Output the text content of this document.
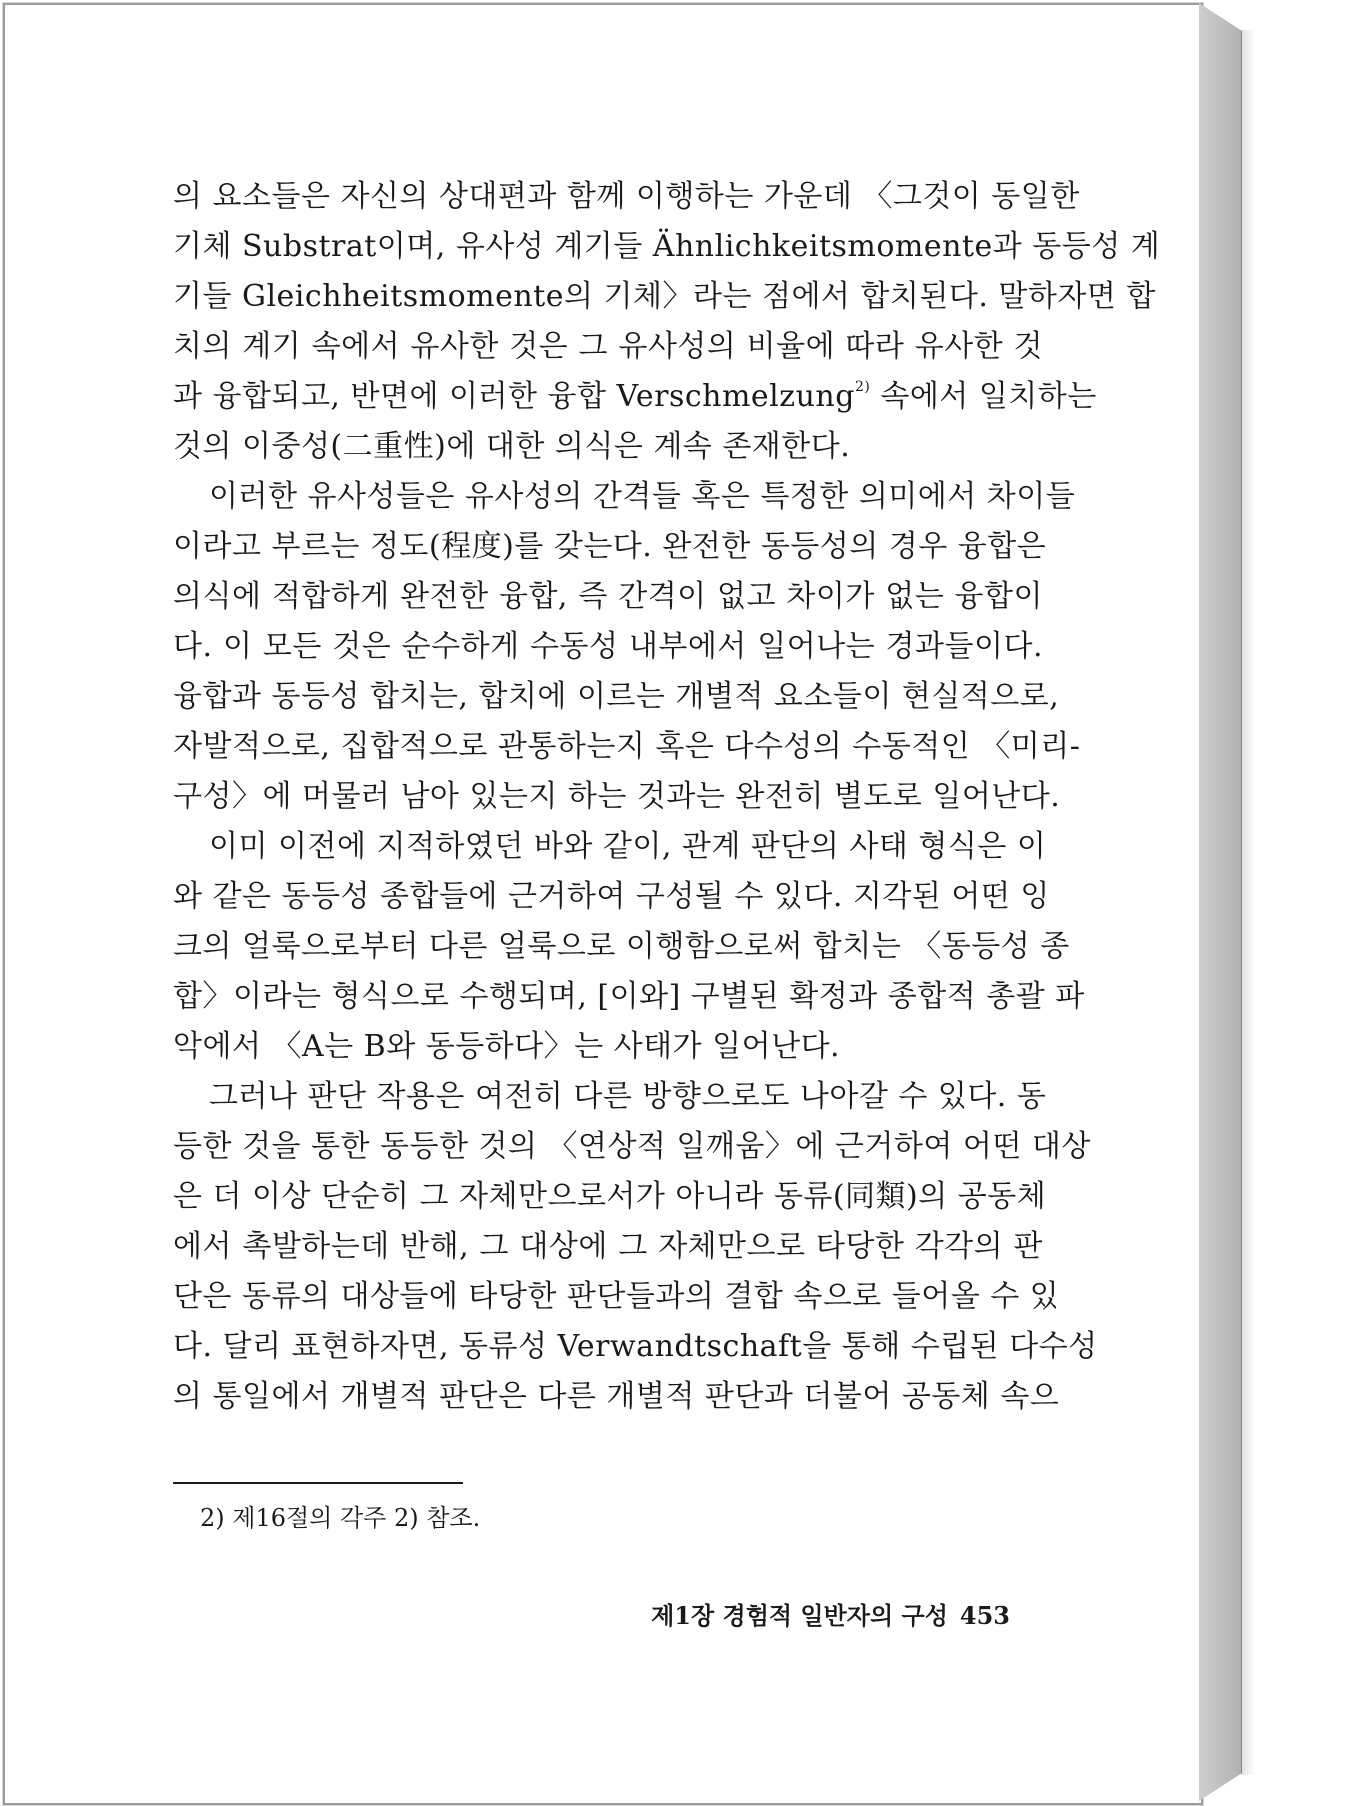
의 요소들은 자신의 상대편과 함께 이행하는 가운데 〈그것이 동일한
기체 Substrat이며, 유사성 계기들 Ähnlichkeitsmomente과 동등성 계
기들 Gleichheitsmomente의 기체〉라는 점에서 합치된다. 말하자면 합
치의 계기 속에서 유사한 것은 그 유사성의 비율에 따라 유사한 것
과 융합되고, 반면에 이러한 융합 Verschmelzung$^{2)}$ 속에서 일치하는
것의 이중성(二重性)에 대한 의식은 계속 존재한다.
이러한 유사성들은 유사성의 간격들 혹은 특정한 의미에서 차이들
이라고 부르는 정도(程度)를 갖는다. 완전한 동등성의 경우 융합은
의식에 적합하게 완전한 융합, 즉 간격이 없고 차이가 없는 융합이
다. 이 모든 것은 순수하게 수동성 내부에서 일어나는 경과들이다.
융합과 동등성 합치는, 합치에 이르는 개별적 요소들이 현실적으로,
자발적으로, 집합적으로 관통하는지 혹은 다수성의 수동적인 〈미리-
구성〉에 머물러 남아 있는지 하는 것과는 완전히 별도로 일어난다.
이미 이전에 지적하였던 바와 같이, 관계 판단의 사태 형식은 이
와 같은 동등성 종합들에 근거하여 구성될 수 있다. 지각된 어떤 잉
크의 얼룩으로부터 다른 얼룩으로 이행함으로써 합치는 〈동등성 종
합〉이라는 형식으로 수행되며, [이와] 구별된 확정과 종합적 총괄 파
악에서 〈A는 B와 동등하다〉는 사태가 일어난다.
그러나 판단 작용은 여전히 다른 방향으로도 나아갈 수 있다. 동
등한 것을 통한 동등한 것의 〈연상적 일깨움〉에 근거하여 어떤 대상
은 더 이상 단순히 그 자체만으로서가 아니라 동류(同類)의 공동체
에서 촉발하는데 반해, 그 대상에 그 자체만으로 타당한 각각의 판
단은 동류의 대상들에 타당한 판단들과의 결합 속으로 들어올 수 있
다. 달리 표현하자면, 동류성 Verwandtschaft을 통해 수립된 다수성
의 통일에서 개별적 판단은 다른 개별적 판단과 더불어 공동체 속으
2) 제16절의 각주 2) 참조.
제1장 경험적 일반자의 구성 453
